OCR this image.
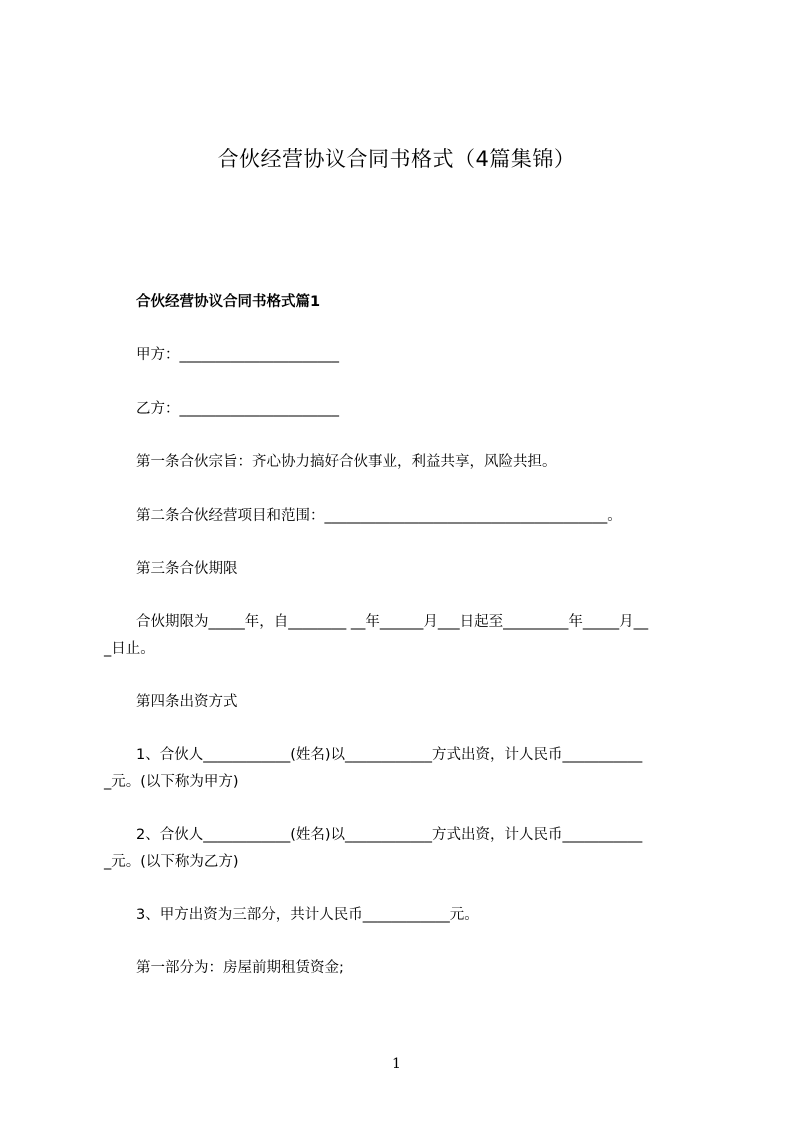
合伙经营协议合同书格式（4篇集锦）
合伙经营协议合同书格式篇1
甲方：______________________
乙方：______________________
第一条合伙宗旨：齐心协力搞好合伙事业，利益共享，风险共担。
第二条合伙经营项目和范围：_______________________________________。
第三条合伙期限
合伙期限为_____年，自________ __年______月___日起至_________年_____月__
_日止。
第四条出资方式
1、合伙人____________(姓名)以____________方式出资，计人民币___________
_元。(以下称为甲方)
2、合伙人____________(姓名)以____________方式出资，计人民币___________
_元。(以下称为乙方)
3、甲方出资为三部分，共计人民币____________元。
第一部分为：房屋前期租赁资金;
1
